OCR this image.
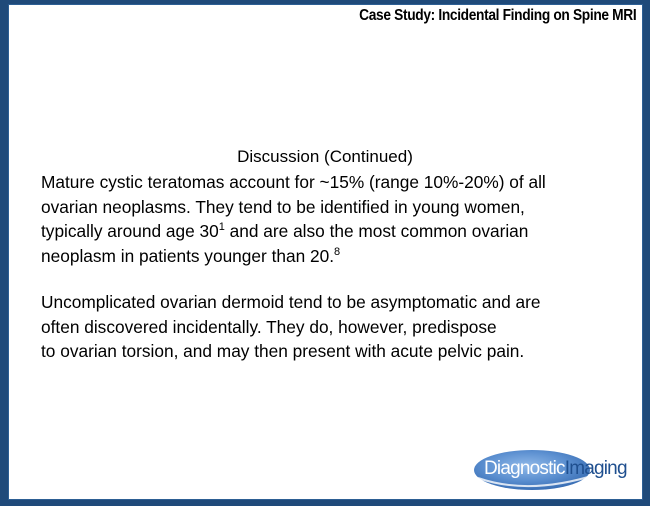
Case Study: Incidental Finding on Spine MRI
Discussion (Continued)
Mature cystic teratomas account for ~15% (range 10%-20%) of all
ovarian neoplasms. They tend to be identified in young women,
typically around age $30^1$ and are also the most common ovarian
neoplasm in patients younger than 20.$^8$
Uncomplicated ovarian dermoid tend to be asymptomatic and are
often discovered incidentally. They do, however, predispose
to ovarian torsion, and may then present with acute pelvic pain.
DiagnosticImaging
